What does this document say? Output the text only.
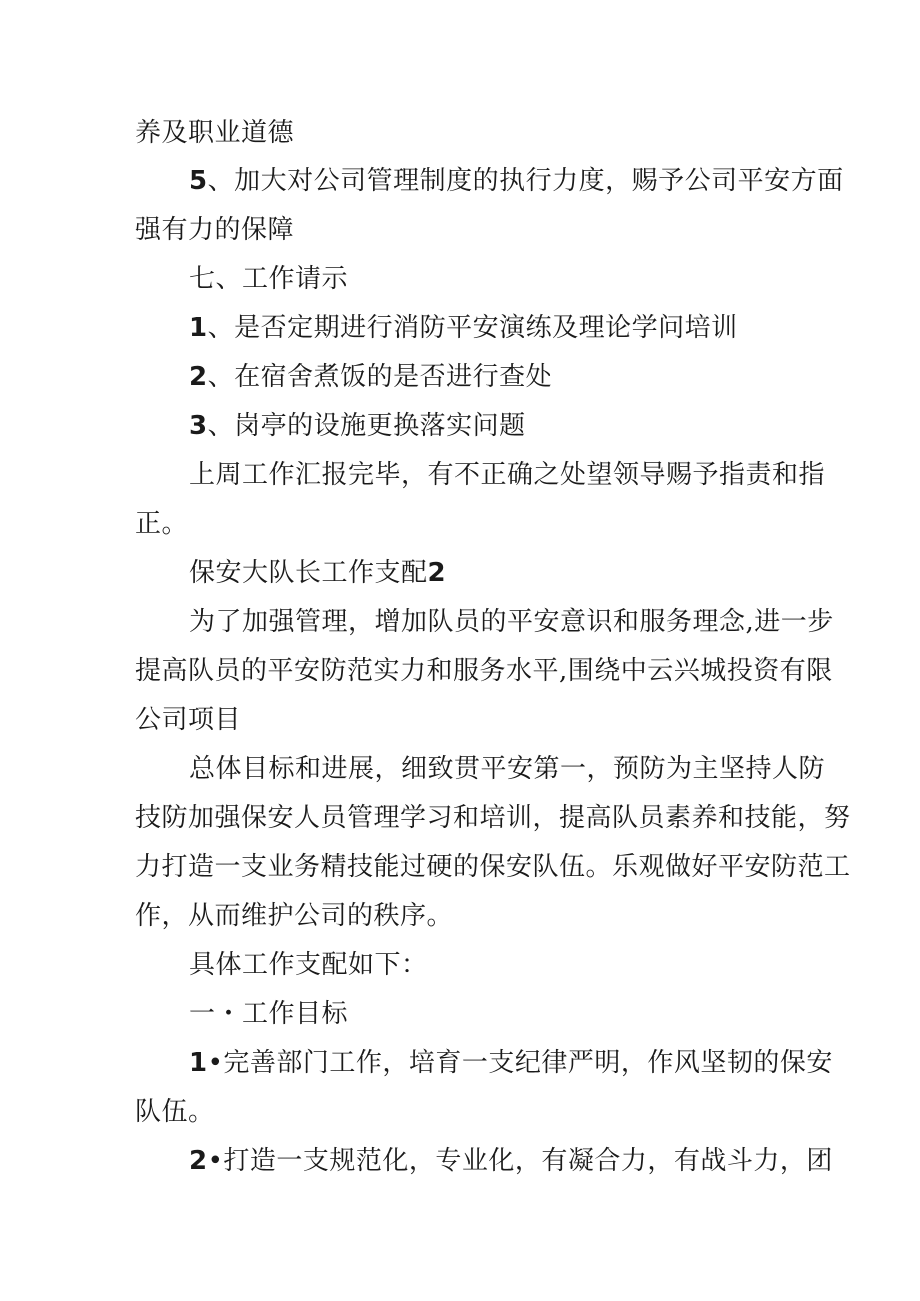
养及职业道德
5、加大对公司管理制度的执行力度，赐予公司平安方面
强有力的保障
七、工作请示
1、是否定期进行消防平安演练及理论学问培训
2、在宿舍煮饭的是否进行查处
3、岗亭的设施更换落实问题
上周工作汇报完毕，有不正确之处望领导赐予指责和指
正。
保安大队长工作支配2
为了加强管理，增加队员的平安意识和服务理念,进一步
提高队员的平安防范实力和服务水平,围绕中云兴城投资有限
公司项目
总体目标和进展，细致贯平安第一，预防为主坚持人防
技防加强保安人员管理学习和培训，提高队员素养和技能，努
力打造一支业务精技能过硬的保安队伍。乐观做好平安防范工
作，从而维护公司的秩序。
具体工作支配如下：
一・工作目标
1•完善部门工作，培育一支纪律严明，作风坚韧的保安
队伍。
2•打造一支规范化，专业化，有凝合力，有战斗力，团
